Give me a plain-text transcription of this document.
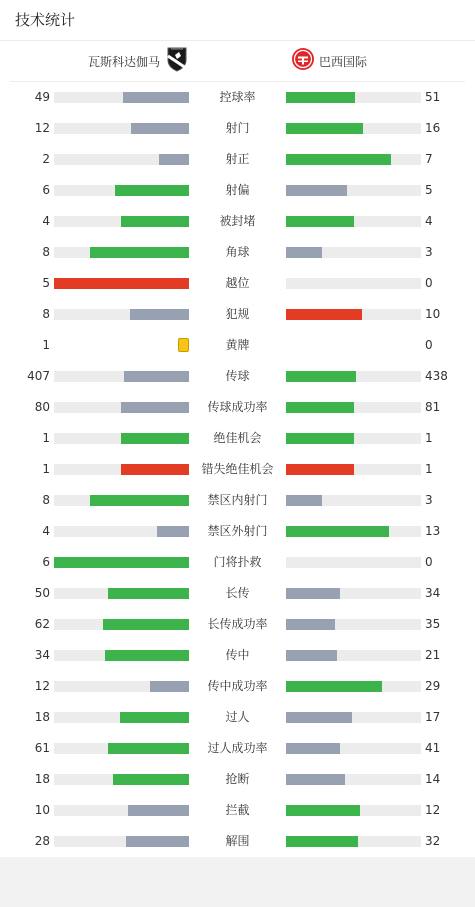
技术统计
瓦斯科达伽马	巴西国际
49	控球率	51
12	射门	16
2	射正	7
6	射偏	5
4	被封堵	4
8	角球	3
5	越位	0
8	犯规	10
1	黄牌	0
407	传球	438
80	传球成功率	81
1	绝佳机会	1
1	错失绝佳机会	1
8	禁区内射门	3
4	禁区外射门	13
6	门将扑救	0
50	长传	34
62	长传成功率	35
34	传中	21
12	传中成功率	29
18	过人	17
61	过人成功率	41
18	抢断	14
10	拦截	12
28	解围	32
